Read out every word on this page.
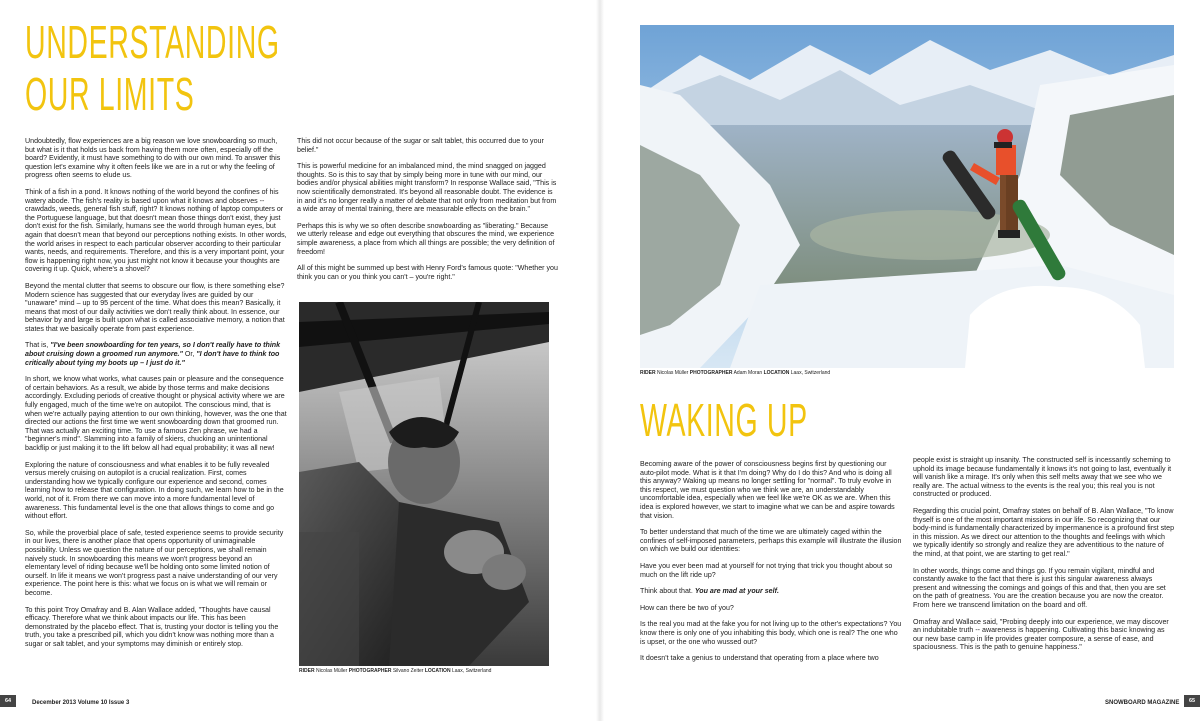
UNDERSTANDING
OUR LIMITS

Undoubtedly, flow experiences are a big reason we love snowboarding so much, but what is it that holds us back from having them more often, especially off the board? Evidently, it must have something to do with our own mind. To answer this question let's examine why it often feels like we are in a rut or why the feeling of progress often seems to elude us.

Think of a fish in a pond. It knows nothing of the world beyond the confines of his watery abode. The fish's reality is based upon what it knows and observes -- crawdads, weeds, general fish stuff, right? It knows nothing of laptop computers or the Portuguese language, but that doesn't mean those things don't exist, they just don't exist for the fish. Similarly, humans see the world through human eyes, but again that doesn't mean that beyond our perceptions nothing exists. In other words, the world arises in respect to each particular observer according to their particular wants, needs, and requirements. Therefore, and this is a very important point, your flow is happening right now, you just might not know it because your thoughts are covering it up. Quick, where's a shovel?

Beyond the mental clutter that seems to obscure our flow, is there something else? Modern science has suggested that our everyday lives are guided by our "unaware" mind – up to 95 percent of the time. What does this mean? Basically, it means that most of our daily activities we don't really think about. In essence, our behavior by and large is built upon what is called associative memory, a notion that states that we basically operate from past experience.

That is, "I've been snowboarding for ten years, so I don't really have to think about cruising down a groomed run anymore." Or, "I don't have to think too critically about tying my boots up – I just do it."

In short, we know what works, what causes pain or pleasure and the consequence of certain behaviors. As a result, we abide by those terms and make decisions accordingly. Excluding periods of creative thought or physical activity where we are fully engaged, much of the time we're on autopilot. The conscious mind, that is when we're actually paying attention to our own thinking, however, was the one that directed our actions the first time we went snowboarding down that groomed run. That was actually an exciting time. To use a famous Zen phrase, we had a "beginner's mind". Slamming into a family of skiers, chucking an unintentional backflip or just making it to the lift below all had equal probability; it was all new!

Exploring the nature of consciousness and what enables it to be fully revealed versus merely cruising on autopilot is a crucial realization. First, comes understanding how we typically configure our experience and second, comes learning how to release that configuration. In doing such, we learn how to be in the world, not of it. From there we can move into a more fundamental level of awareness. This fundamental level is the one that allows things to come and go without effort.

So, while the proverbial place of safe, tested experience seems to provide security in our lives, there is another place that opens opportunity of unimaginable possibility. Unless we question the nature of our perceptions, we shall remain naively stuck. In snowboarding this means we won't progress beyond an elementary level of riding because we'll be holding onto some limited notion of ourself. In life it means we won't progress past a naive understanding of our very experience. The point here is this: what we focus on is what we will remain or become.

To this point Troy Omafray and B. Alan Wallace added, "Thoughts have causal efficacy. Therefore what we think about impacts our life. This has been demonstrated by the placebo effect. That is, trusting your doctor is telling you the truth, you take a prescribed pill, which you didn't know was nothing more than a sugar or salt tablet, and your symptoms may diminish or entirely stop.

This did not occur because of the sugar or salt tablet, this occurred due to your belief."

This is powerful medicine for an imbalanced mind, the mind snagged on jagged thoughts. So is this to say that by simply being more in tune with our mind, our bodies and/or physical abilities might transform? In response Wallace said, "This is now scientifically demonstrated. It's beyond all reasonable doubt. The evidence is in and it's no longer really a matter of debate that not only from meditation but from a wide array of mental training, there are measurable effects on the brain."

Perhaps this is why we so often describe snowboarding as "liberating." Because we utterly release and edge out everything that obscures the mind, we experience simple awareness, a place from which all things are possible; the very definition of freedom!

All of this might be summed up best with Henry Ford's famous quote: "Whether you think you can or you think you can't – you're right."

RIDER Nicolas Müller PHOTOGRAPHER Silvano Zeiter LOCATION Laax, Switzerland
64	December 2013 Volume 10 Issue 3
RIDER Nicolas Müller PHOTOGRAPHER Adam Moran LOCATION Laax, Switzerland
WAKING UP

Becoming aware of the power of consciousness begins first by questioning our auto-pilot mode. What is it that I'm doing? Why do I do this? And who is doing all this anyway? Waking up means no longer settling for "normal". To truly evolve in this respect, we must question who we think we are, an understandably uncomfortable idea, especially when we feel like we're OK as we are. When this idea is explored however, we start to imagine what we can be and aspire towards that vision.

To better understand that much of the time we are ultimately caged within the confines of self-imposed parameters, perhaps this example will illustrate the illusion on which we build our identities:

Have you ever been mad at yourself for not trying that trick you thought about so much on the lift ride up?

Think about that. You are mad at your self.

How can there be two of you?

Is the real you mad at the fake you for not living up to the other's expectations? You know there is only one of you inhabiting this body, which one is real? The one who is upset, or the one who wussed out?

It doesn't take a genius to understand that operating from a place where two

people exist is straight up insanity. The constructed self is incessantly scheming to uphold its image because fundamentally it knows it's not going to last, eventually it will vanish like a mirage. It's only when this self melts away that we see who we really are. The actual witness to the events is the real you; this real you is not constructed or produced.

Regarding this crucial point, Omafray states on behalf of B. Alan Wallace, "To know thyself is one of the most important missions in our life. So recognizing that our body-mind is fundamentally characterized by impermanence is a profound first step in this mission. As we direct our attention to the thoughts and feelings with which we typically identify so strongly and realize they are adventitious to the nature of the mind, at that point, we are starting to get real."

In other words, things come and things go. If you remain vigilant, mindful and constantly awake to the fact that there is just this singular awareness always present and witnessing the comings and goings of this and that, then you are set on the path of greatness. You are the creation because you are now the creator. From here we transcend limitation on the board and off.

Omafray and Wallace said, "Probing deeply into our experience, we may discover an indubitable truth -- awareness is happening. Cultivating this basic knowing as our new base camp in life provides greater composure, a sense of ease, and spaciousness. This is the path to genuine happiness."

SNOWBOARD MAGAZINE	65
